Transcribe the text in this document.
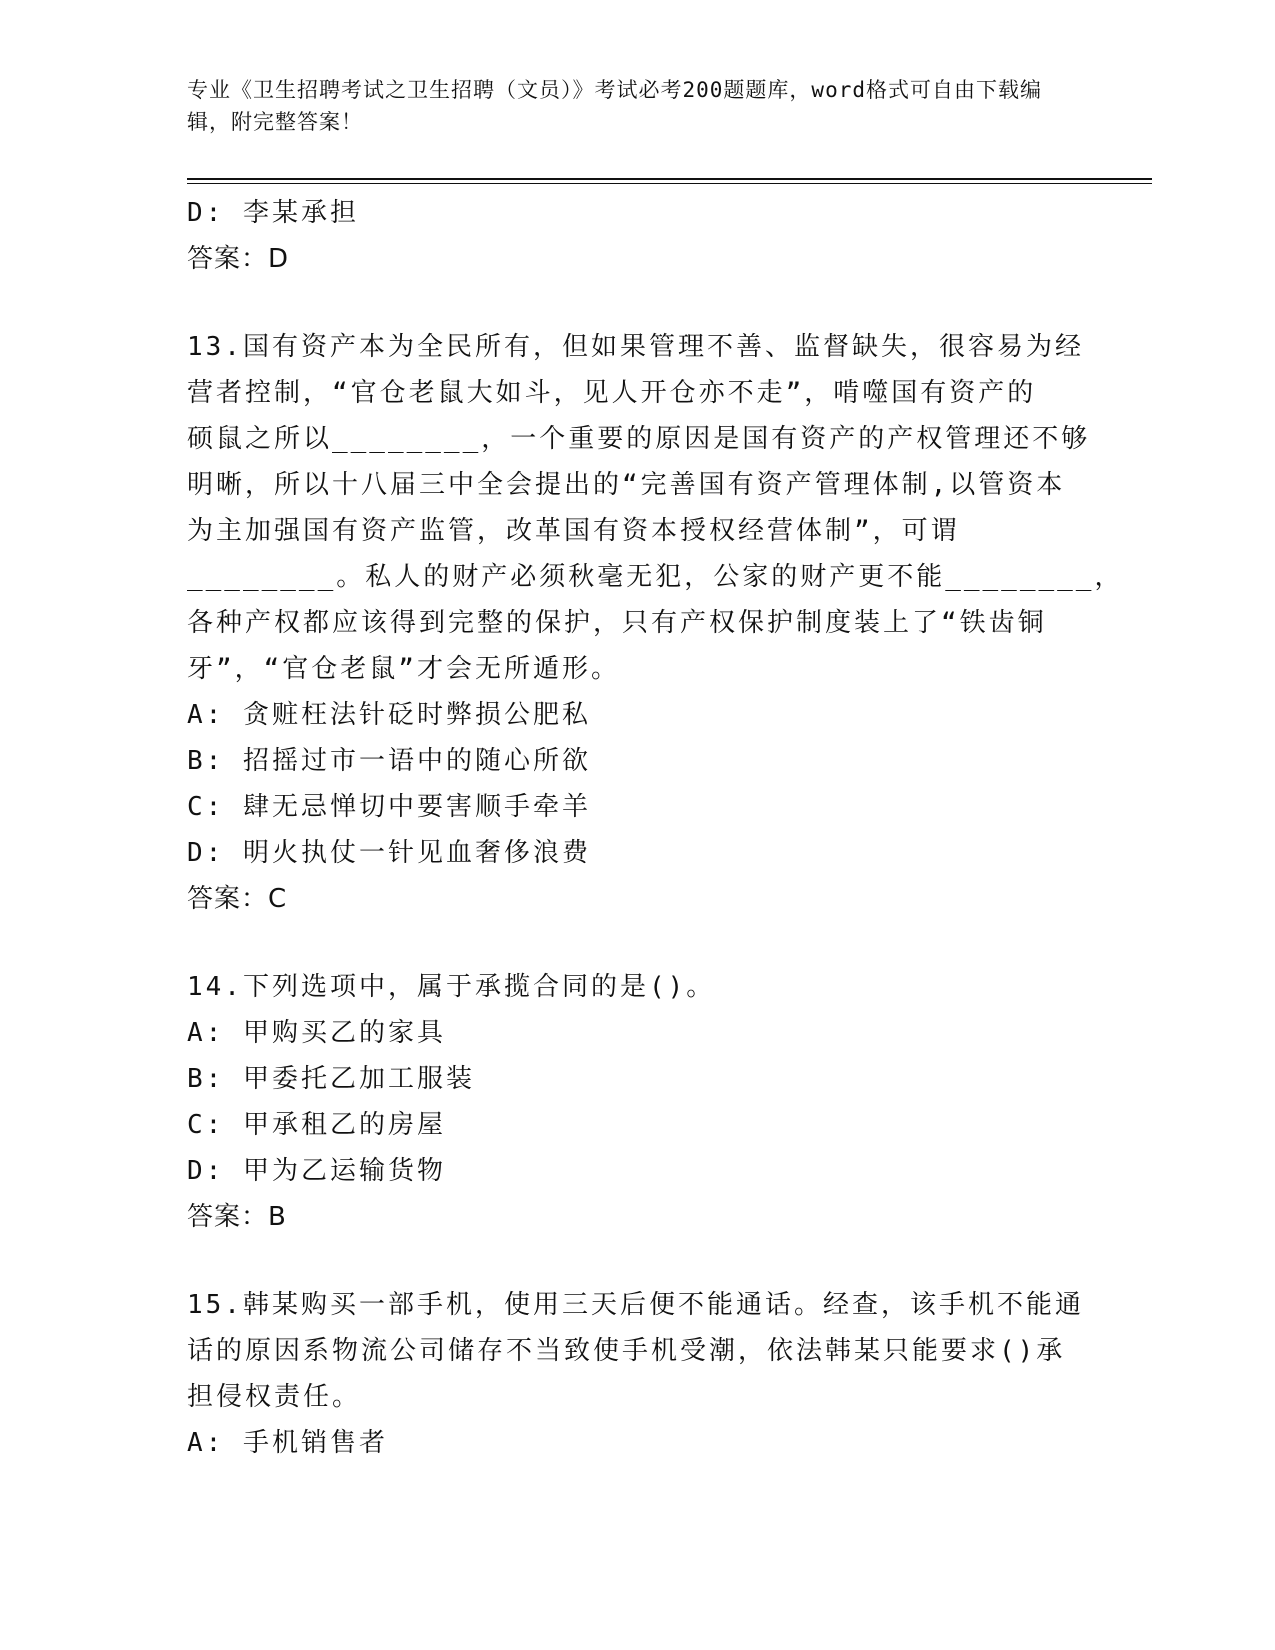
专业《卫生招聘考试之卫生招聘（文员）》考试必考200题题库，word格式可自由下载编辑，附完整答案！
D: 李某承担
答案：D
13.国有资产本为全民所有，但如果管理不善、监督缺失，很容易为经
营者控制，“官仓老鼠大如斗，见人开仓亦不走”，啃噬国有资产的
硕鼠之所以________，一个重要的原因是国有资产的产权管理还不够
明晰，所以十八届三中全会提出的“完善国有资产管理体制,以管资本
为主加强国有资产监管，改革国有资本授权经营体制”，可谓
________。私人的财产必须秋毫无犯，公家的财产更不能________，
各种产权都应该得到完整的保护，只有产权保护制度装上了“铁齿铜
牙”，“官仓老鼠”才会无所遁形。
A: 贪赃枉法针砭时弊损公肥私
B: 招摇过市一语中的随心所欲
C: 肆无忌惮切中要害顺手牵羊
D: 明火执仗一针见血奢侈浪费
答案：C
14.下列选项中，属于承揽合同的是()。
A: 甲购买乙的家具
B: 甲委托乙加工服装
C: 甲承租乙的房屋
D: 甲为乙运输货物
答案：B
15.韩某购买一部手机，使用三天后便不能通话。经查，该手机不能通
话的原因系物流公司储存不当致使手机受潮，依法韩某只能要求()承
担侵权责任。
A: 手机销售者
